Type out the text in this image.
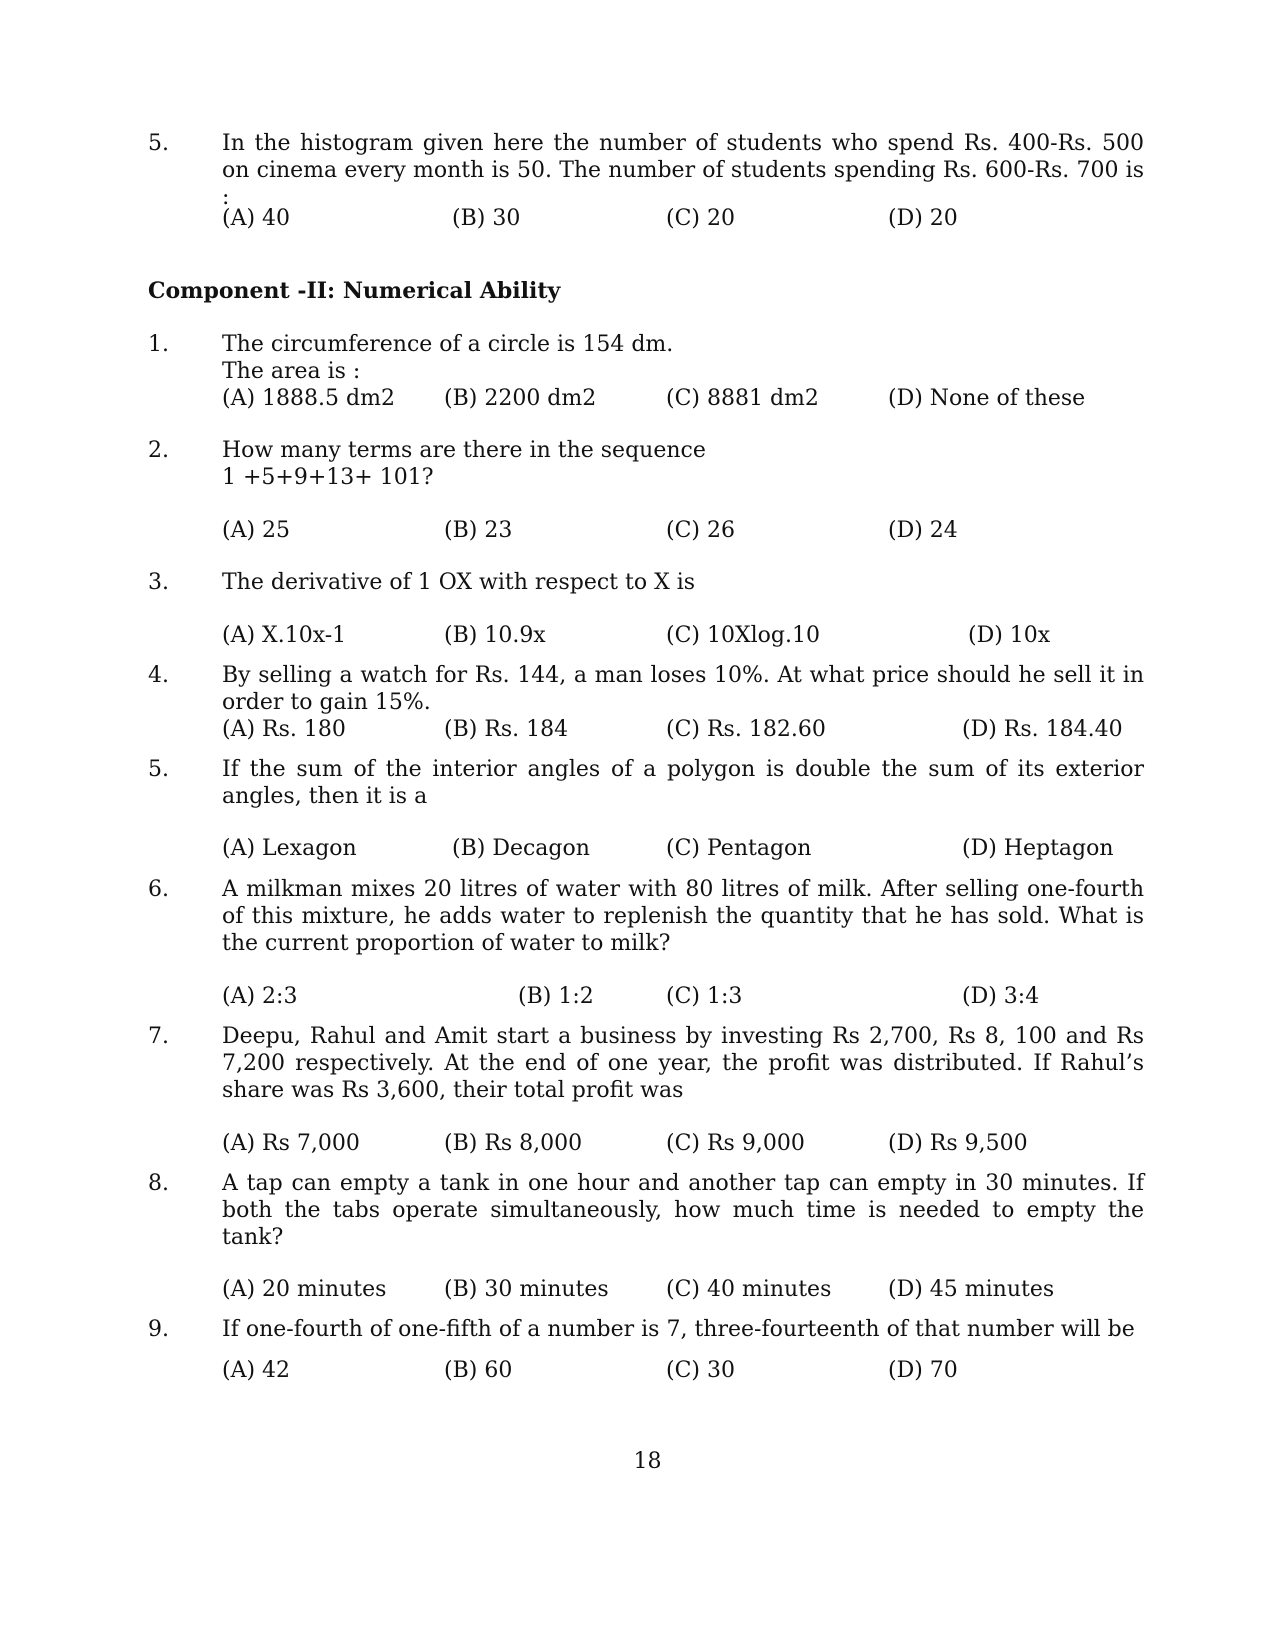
5. In the histogram given here the number of students who spend Rs. 400-Rs. 500 on cinema every month is 50. The number of students spending Rs. 600-Rs. 700 is :
(A) 40	(B) 30	(C) 20	(D) 20
Component -II: Numerical Ability
1. The circumference of a circle is 154 dm.
The area is :
(A) 1888.5 dm2 (B) 2200 dm2	(C) 8881 dm2	(D) None of these
2. How many terms are there in the sequence
1 +5+9+13+ 101?
(A) 25	(B) 23	(C) 26	(D) 24
3. The derivative of 1 OX with respect to X is
(A) X.10x-1	(B) 10.9x	(C) 10Xlog.10	(D) 10x
4. By selling a watch for Rs. 144, a man loses 10%. At what price should he sell it in order to gain 15%.
(A) Rs. 180	(B) Rs. 184	(C) Rs. 182.60	(D) Rs. 184.40
5. If the sum of the interior angles of a polygon is double the sum of its exterior angles, then it is a
(A) Lexagon	(B) Decagon	(C) Pentagon	(D) Heptagon
6. A milkman mixes 20 litres of water with 80 litres of milk. After selling one-fourth of this mixture, he adds water to replenish the quantity that he has sold. What is the current proportion of water to milk?
(A) 2:3	(B) 1:2	(C) 1:3	(D) 3:4
7. Deepu, Rahul and Amit start a business by investing Rs 2,700, Rs 8, 100 and Rs 7,200 respectively. At the end of one year, the profit was distributed. If Rahul’s share was Rs 3,600, their total profit was
(A) Rs 7,000	(B) Rs 8,000	(C) Rs 9,000	(D) Rs 9,500
8. A tap can empty a tank in one hour and another tap can empty in 30 minutes. If both the tabs operate simultaneously, how much time is needed to empty the tank?
(A) 20 minutes	(B) 30 minutes	(C) 40 minutes	(D) 45 minutes
9. If one-fourth of one-fifth of a number is 7, three-fourteenth of that number will be
(A) 42	(B) 60	(C) 30	(D) 70
18
